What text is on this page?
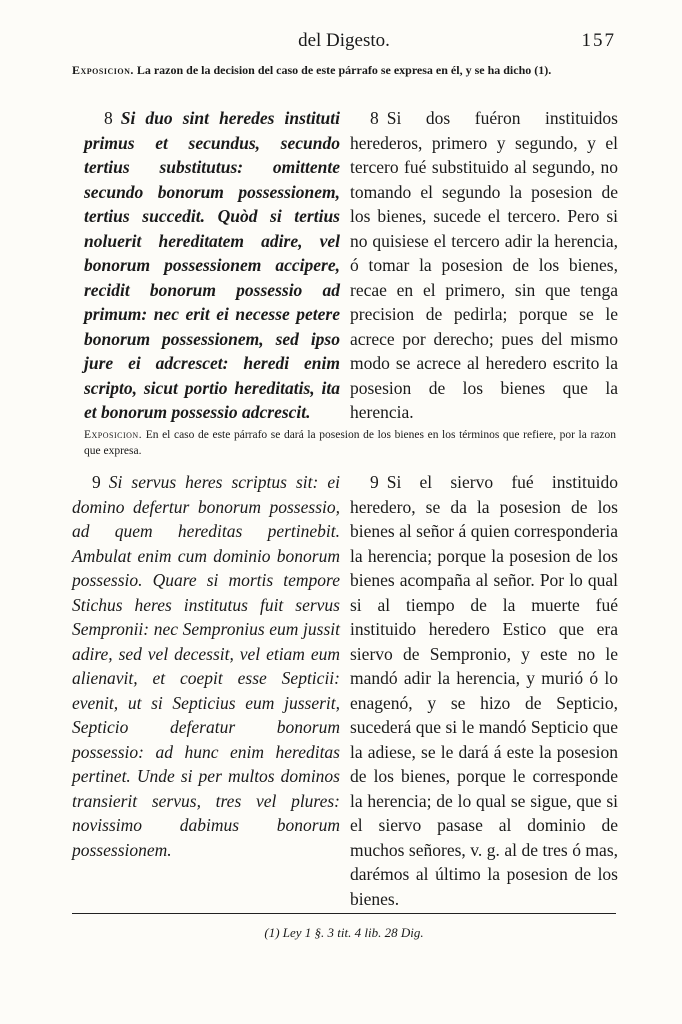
del Digesto.	157
Exposicion. La razon de la decision del caso de este párrafo se expresa en él, y se ha dicho (1).

8 Si duo sint heredes instituti primus et secundus, secundo tertius substitutus: omittente secundo bonorum possessionem, tertius succedit. Quòd si tertius noluerit hereditatem adire, vel bonorum possessionem accipere, recidit bonorum possessio ad primum: nec erit ei necesse petere bonorum possessionem, sed ipso jure ei adcrescet: heredi enim scripto, sicut portio hereditatis, ita et bonorum possessio adcrescit.

8 Si dos fuéron instituidos herederos, primero y segundo, y el tercero fué substituido al segundo, no tomando el segundo la posesion de los bienes, sucede el tercero. Pero si no quisiese el tercero adir la herencia, ó tomar la posesion de los bienes, recae en el primero, sin que tenga precision de pedirla; porque se le acrece por derecho; pues del mismo modo se acrece al heredero escrito la posesion de los bienes que la herencia.

Exposicion. En el caso de este párrafo se dará la posesion de los bienes en los términos que refiere, por la razon que expresa.

9 Si servus heres scriptus sit: ei domino defertur bonorum possessio, ad quem hereditas pertinebit. Ambulat enim cum dominio bonorum possessio. Quare si mortis tempore Stichus heres institutus fuit servus Sempronii: nec Sempronius eum jussit adire, sed vel decessit, vel etiam eum alienavit, et coepit esse Septicii: evenit, ut si Septicius eum jusserit, Septicio deferatur bonorum possessio: ad hunc enim hereditas pertinet. Unde si per multos dominos transierit servus, tres vel plures: novissimo dabimus bonorum possessionem.

9 Si el siervo fué instituido heredero, se da la posesion de los bienes al señor á quien corresponderia la herencia; porque la posesion de los bienes acompaña al señor. Por lo qual si al tiempo de la muerte fué instituido heredero Estico que era siervo de Sempronio, y este no le mandó adir la herencia, y murió ó lo enagenó, y se hizo de Septicio, sucederá que si le mandó Septicio que la adiese, se le dará á este la posesion de los bienes, porque le corresponde la herencia; de lo qual se sigue, que si el siervo pasase al dominio de muchos señores, v. g. al de tres ó mas, darémos al último la posesion de los bienes.

(1) Ley 1 §. 3 tit. 4 lib. 28 Dig.
